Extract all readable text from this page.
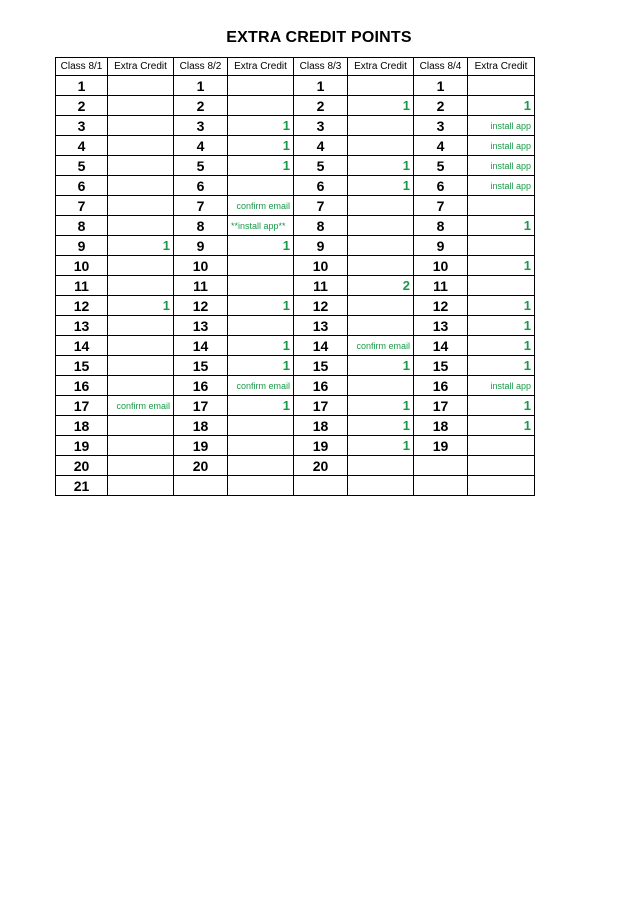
EXTRA CREDIT POINTS
Class 8/1	Extra Credit	Class 8/2	Extra Credit	Class 8/3	Extra Credit	Class 8/4	Extra Credit
1		1		1		1	
2		2		2	1	2	1
3		3	1	3		3	install app
4		4	1	4		4	install app
5		5	1	5	1	5	install app
6		6		6	1	6	install app
7		7	confirm email	7		7	
8		8	**install app**	8		8	1
9	1	9	1	9		9	
10		10		10		10	1
11		11		11	2	11	
12	1	12	1	12		12	1
13		13		13		13	1
14		14	1	14	confirm email	14	1
15		15	1	15	1	15	1
16		16	confirm email	16		16	install app
17	confirm email	17	1	17	1	17	1
18		18		18	1	18	1
19		19		19	1	19	
20		20		20			
21							
